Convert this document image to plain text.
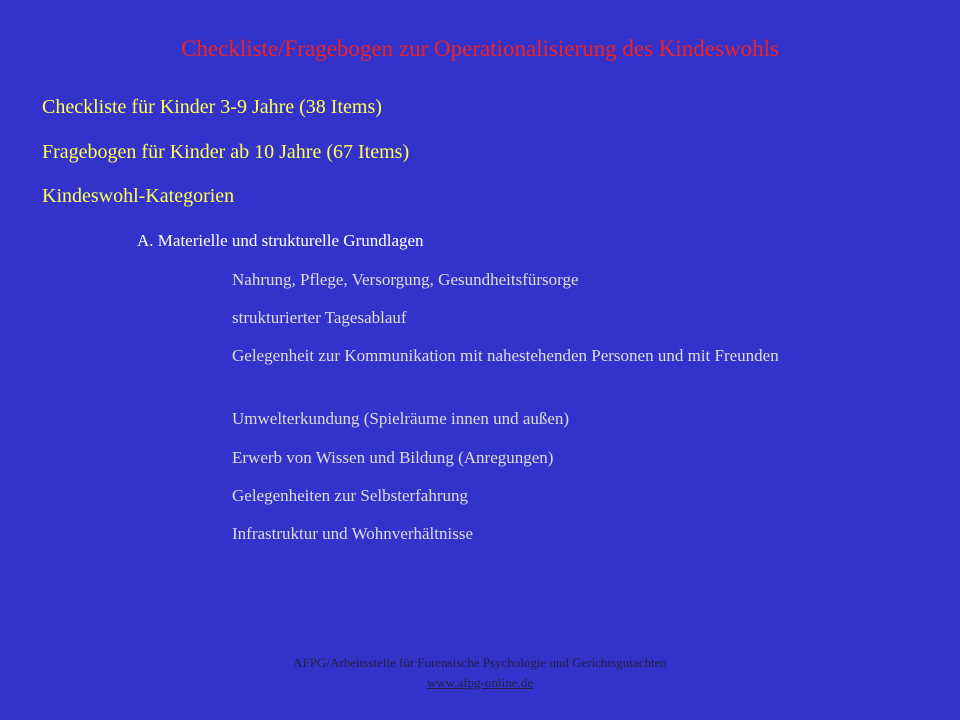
Checkliste/Fragebogen zur Operationalisierung des Kindeswohls
Checkliste für Kinder 3-9 Jahre (38 Items)
Fragebogen für Kinder ab 10 Jahre (67 Items)
Kindeswohl-Kategorien
A. Materielle und strukturelle Grundlagen
Nahrung, Pflege, Versorgung, Gesundheitsfürsorge
strukturierter Tagesablauf
Gelegenheit zur Kommunikation mit nahestehenden Personen und mit Freunden
Umwelterkundung (Spielräume innen und außen)
Erwerb von Wissen und Bildung (Anregungen)
Gelegenheiten zur Selbsterfahrung
Infrastruktur und Wohnverhältnisse
AFPG/Arbeitsstelle für Forensische Psychologie und Gerichtsgutachten
www.afpg-online.de
